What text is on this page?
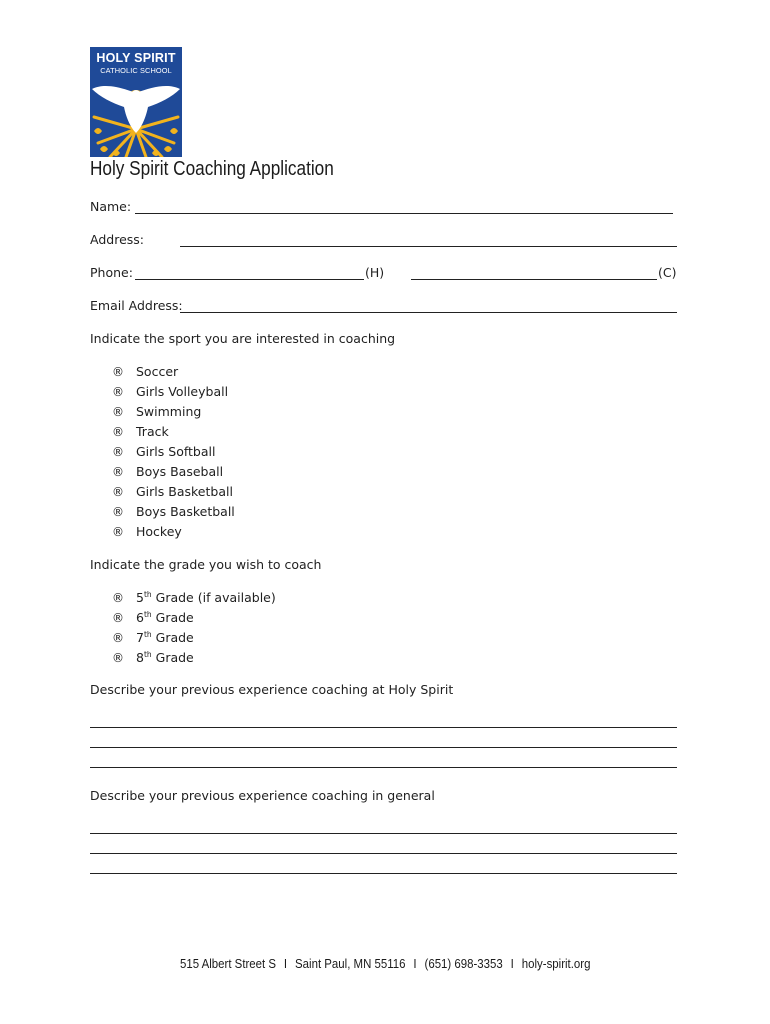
HOLY SPIRIT
CATHOLIC SCHOOL
Holy Spirit Coaching Application
Name:
Address:
Phone:	(H)	(C)
Email Address:
Indicate the sport you are interested in coaching
® Soccer
® Girls Volleyball
® Swimming
® Track
® Girls Softball
® Boys Baseball
® Girls Basketball
® Boys Basketball
® Hockey
Indicate the grade you wish to coach
® 5th Grade (if available)
® 6th Grade
® 7th Grade
® 8th Grade
Describe your previous experience coaching at Holy Spirit
Describe your previous experience coaching in general
515 Albert Street S I Saint Paul, MN 55116 I (651) 698-3353 I holy-spirit.org
